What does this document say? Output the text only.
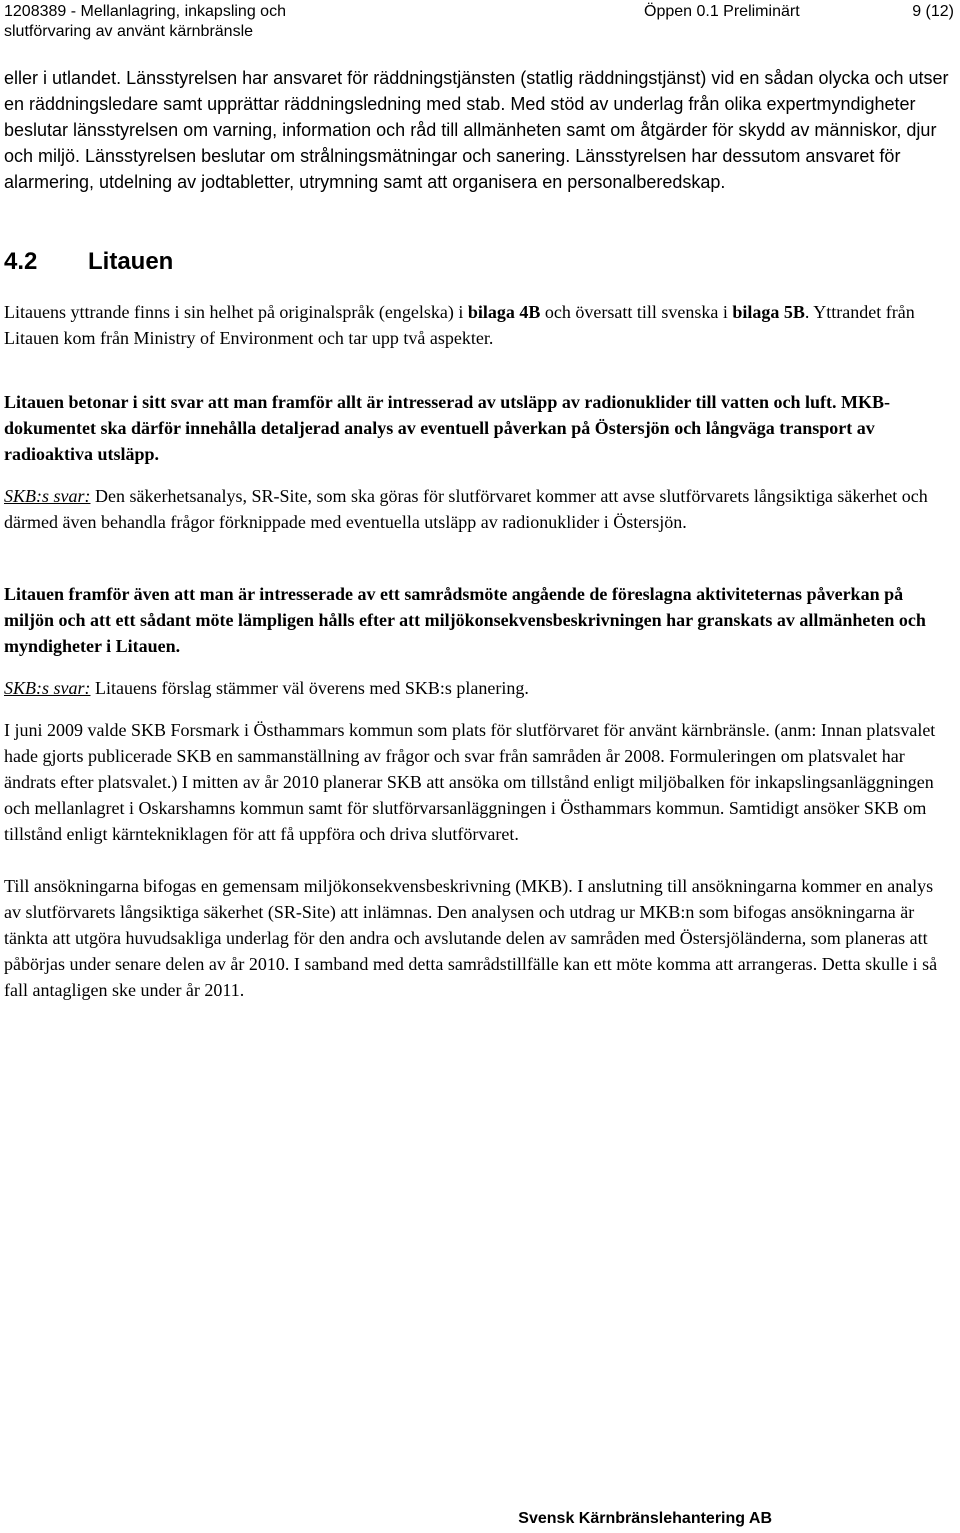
1208389 - Mellanlagring, inkapsling och
slutförvaring av använt kärnbränsle
Öppen 0.1 Preliminärt	9 (12)

eller i utlandet. Länsstyrelsen har ansvaret för räddningstjänsten (statlig räddningstjänst) vid en sådan olycka och utser en räddningsledare samt upprättar räddningsledning med stab. Med stöd av underlag från olika expertmyndigheter beslutar länsstyrelsen om varning, information och råd till allmänheten samt om åtgärder för skydd av människor, djur och miljö. Länsstyrelsen beslutar om strålningsmätningar och sanering. Länsstyrelsen har dessutom ansvaret för alarmering, utdelning av jodtabletter, utrymning samt att organisera en personalberedskap.

4.2	Litauen

Litauens yttrande finns i sin helhet på originalspråk (engelska) i bilaga 4B och översatt till svenska i bilaga 5B. Yttrandet från Litauen kom från Ministry of Environment och tar upp två aspekter.

Litauen betonar i sitt svar att man framför allt är intresserad av utsläpp av radionuklider till vatten och luft. MKB-dokumentet ska därför innehålla detaljerad analys av eventuell påverkan på Östersjön och långväga transport av radioaktiva utsläpp.

SKB:s svar: Den säkerhetsanalys, SR-Site, som ska göras för slutförvaret kommer att avse slutförvarets långsiktiga säkerhet och därmed även behandla frågor förknippade med eventuella utsläpp av radionuklider i Östersjön.

Litauen framför även att man är intresserade av ett samrådsmöte angående de föreslagna aktiviteternas påverkan på miljön och att ett sådant möte lämpligen hålls efter att miljökonsekvensbeskrivningen har granskats av allmänheten och myndigheter i Litauen.

SKB:s svar: Litauens förslag stämmer väl överens med SKB:s planering.

I juni 2009 valde SKB Forsmark i Östhammars kommun som plats för slutförvaret för använt kärnbränsle. (anm: Innan platsvalet hade gjorts publicerade SKB en sammanställning av frågor och svar från samråden år 2008. Formuleringen om platsvalet har ändrats efter platsvalet.) I mitten av år 2010 planerar SKB att ansöka om tillstånd enligt miljöbalken för inkapslingsanläggningen och mellanlagret i Oskarshamns kommun samt för slutförvarsanläggningen i Östhammars kommun. Samtidigt ansöker SKB om tillstånd enligt kärntekniklagen för att få uppföra och driva slutförvaret.

Till ansökningarna bifogas en gemensam miljökonsekvensbeskrivning (MKB). I anslutning till ansökningarna kommer en analys av slutförvarets långsiktiga säkerhet (SR-Site) att inlämnas. Den analysen och utdrag ur MKB:n som bifogas ansökningarna är tänkta att utgöra huvudsakliga underlag för den andra och avslutande delen av samråden med Östersjöländerna, som planeras att påbörjas under senare delen av år 2010. I samband med detta samrådstillfälle kan ett möte komma att arrangeras. Detta skulle i så fall antagligen ske under år 2011.

Svensk Kärnbränslehantering AB
